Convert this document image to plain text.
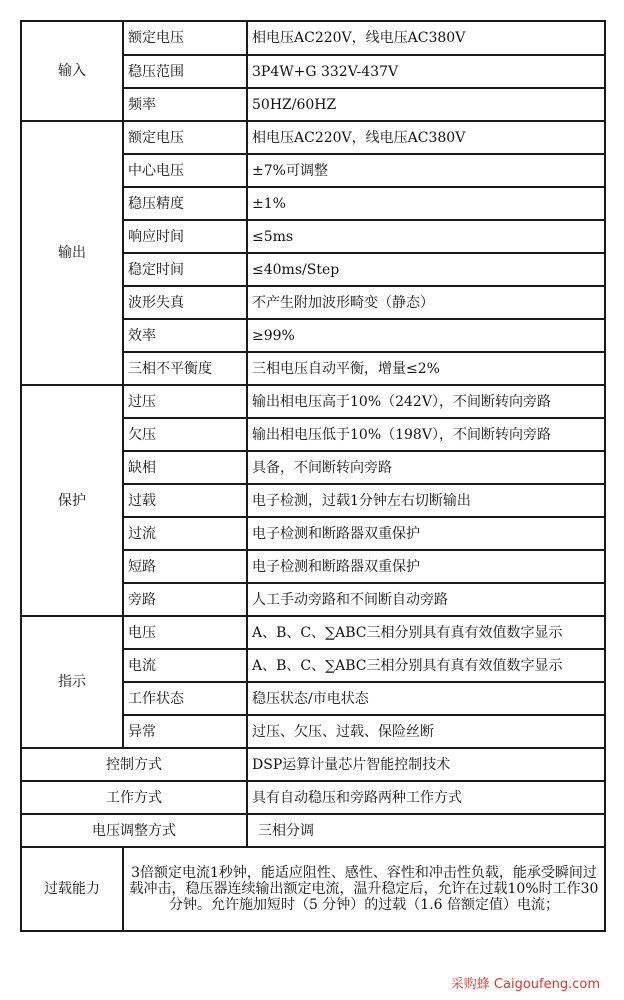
输入	额定电压	相电压AC220V，线电压AC380V
	稳压范围	3P4W+G 332V-437V
	频率	50HZ/60HZ
输出	额定电压	相电压AC220V，线电压AC380V
	中心电压	±7%可调整
	稳压精度	±1%
	响应时间	≤5ms
	稳定时间	≤40ms/Step
	波形失真	不产生附加波形畸变（静态）
	效率	≥99%
	三相不平衡度	三相电压自动平衡，增量≤2%
保护	过压	输出相电压高于10%（242V），不间断转向旁路
	欠压	输出相电压低于10%（198V），不间断转向旁路
	缺相	具备，不间断转向旁路
	过载	电子检测，过载1分钟左右切断输出
	过流	电子检测和断路器双重保护
	短路	电子检测和断路器双重保护
	旁路	人工手动旁路和不间断自动旁路
指示	电压	A、B、C、∑ABC三相分别具有真有效值数字显示
	电流	A、B、C、∑ABC三相分别具有真有效值数字显示
	工作状态	稳压状态/市电状态
	异常	过压、欠压、过载、保险丝断
控制方式		DSP运算计量芯片智能控制技术
工作方式		具有自动稳压和旁路两种工作方式
电压调整方式		三相分调
过载能力	3倍额定电流1秒钟，能适应阻性、感性、容性和冲击性负载，能承受瞬间过载冲击，稳压器连续输出额定电流，温升稳定后，允许在过载10%时工作30 分钟。允许施加短时（5 分钟）的过载（1.6 倍额定值）电流；	
采购蜂 Caigoufeng.com
